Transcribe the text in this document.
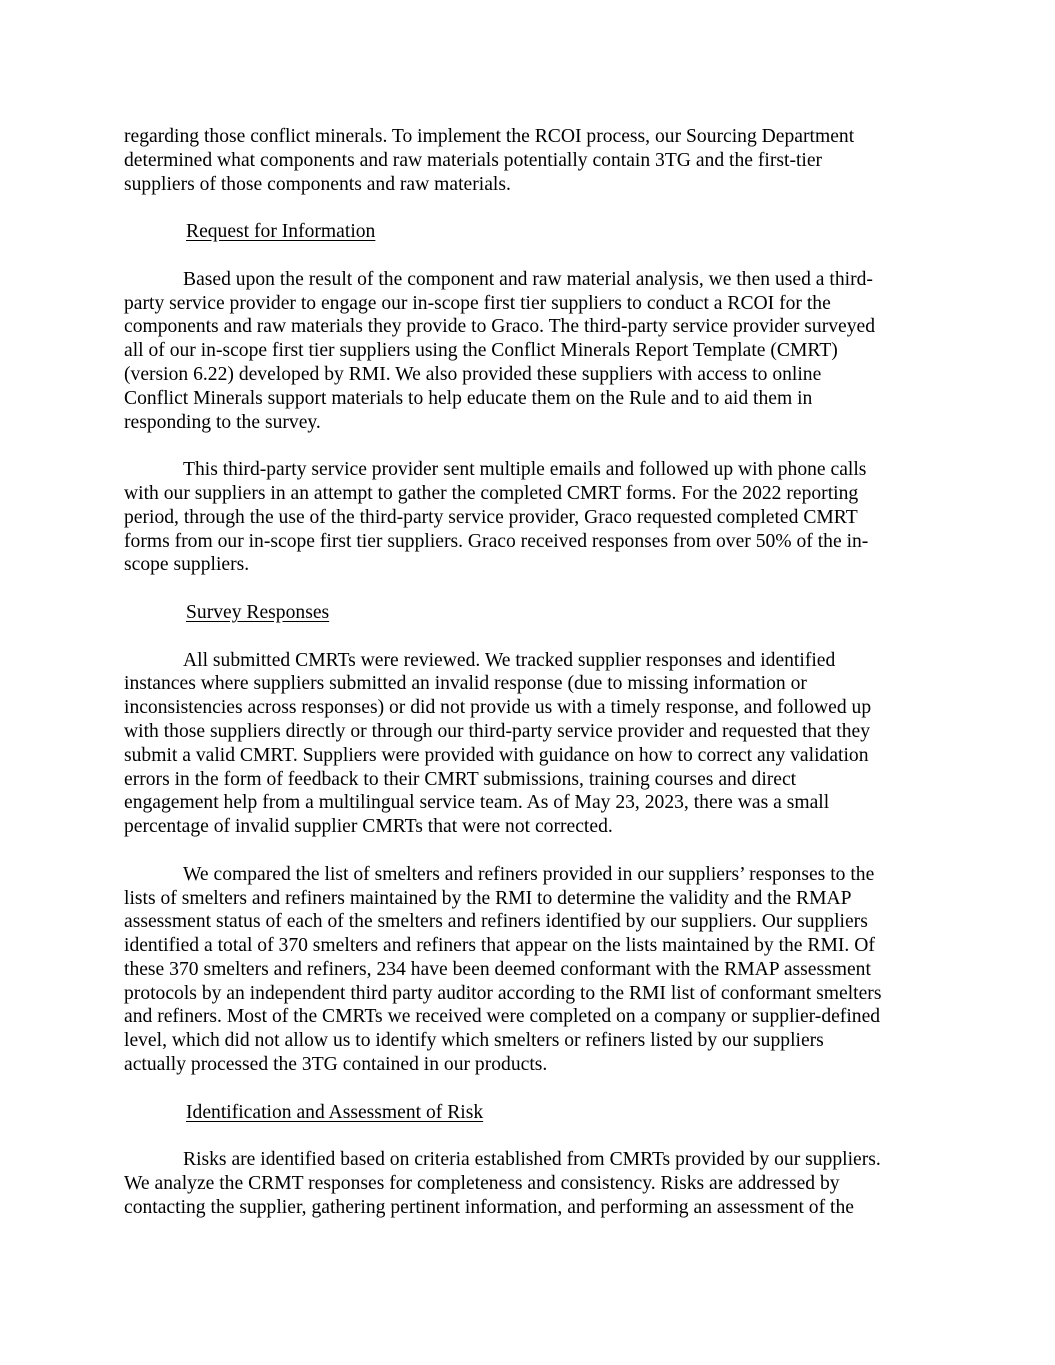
regarding those conflict minerals. To implement the RCOI process, our Sourcing Department
determined what components and raw materials potentially contain 3TG and the first-tier
suppliers of those components and raw materials.
Request for Information
Based upon the result of the component and raw material analysis, we then used a third-
party service provider to engage our in-scope first tier suppliers to conduct a RCOI for the
components and raw materials they provide to Graco. The third-party service provider surveyed
all of our in-scope first tier suppliers using the Conflict Minerals Report Template (CMRT)
(version 6.22) developed by RMI. We also provided these suppliers with access to online
Conflict Minerals support materials to help educate them on the Rule and to aid them in
responding to the survey.
This third-party service provider sent multiple emails and followed up with phone calls
with our suppliers in an attempt to gather the completed CMRT forms. For the 2022 reporting
period, through the use of the third-party service provider, Graco requested completed CMRT
forms from our in-scope first tier suppliers. Graco received responses from over 50% of the in-
scope suppliers.
Survey Responses
All submitted CMRTs were reviewed. We tracked supplier responses and identified
instances where suppliers submitted an invalid response (due to missing information or
inconsistencies across responses) or did not provide us with a timely response, and followed up
with those suppliers directly or through our third-party service provider and requested that they
submit a valid CMRT. Suppliers were provided with guidance on how to correct any validation
errors in the form of feedback to their CMRT submissions, training courses and direct
engagement help from a multilingual service team. As of May 23, 2023, there was a small
percentage of invalid supplier CMRTs that were not corrected.
We compared the list of smelters and refiners provided in our suppliers’ responses to the
lists of smelters and refiners maintained by the RMI to determine the validity and the RMAP
assessment status of each of the smelters and refiners identified by our suppliers. Our suppliers
identified a total of 370 smelters and refiners that appear on the lists maintained by the RMI. Of
these 370 smelters and refiners, 234 have been deemed conformant with the RMAP assessment
protocols by an independent third party auditor according to the RMI list of conformant smelters
and refiners. Most of the CMRTs we received were completed on a company or supplier-defined
level, which did not allow us to identify which smelters or refiners listed by our suppliers
actually processed the 3TG contained in our products.
Identification and Assessment of Risk
Risks are identified based on criteria established from CMRTs provided by our suppliers.
We analyze the CRMT responses for completeness and consistency. Risks are addressed by
contacting the supplier, gathering pertinent information, and performing an assessment of the
